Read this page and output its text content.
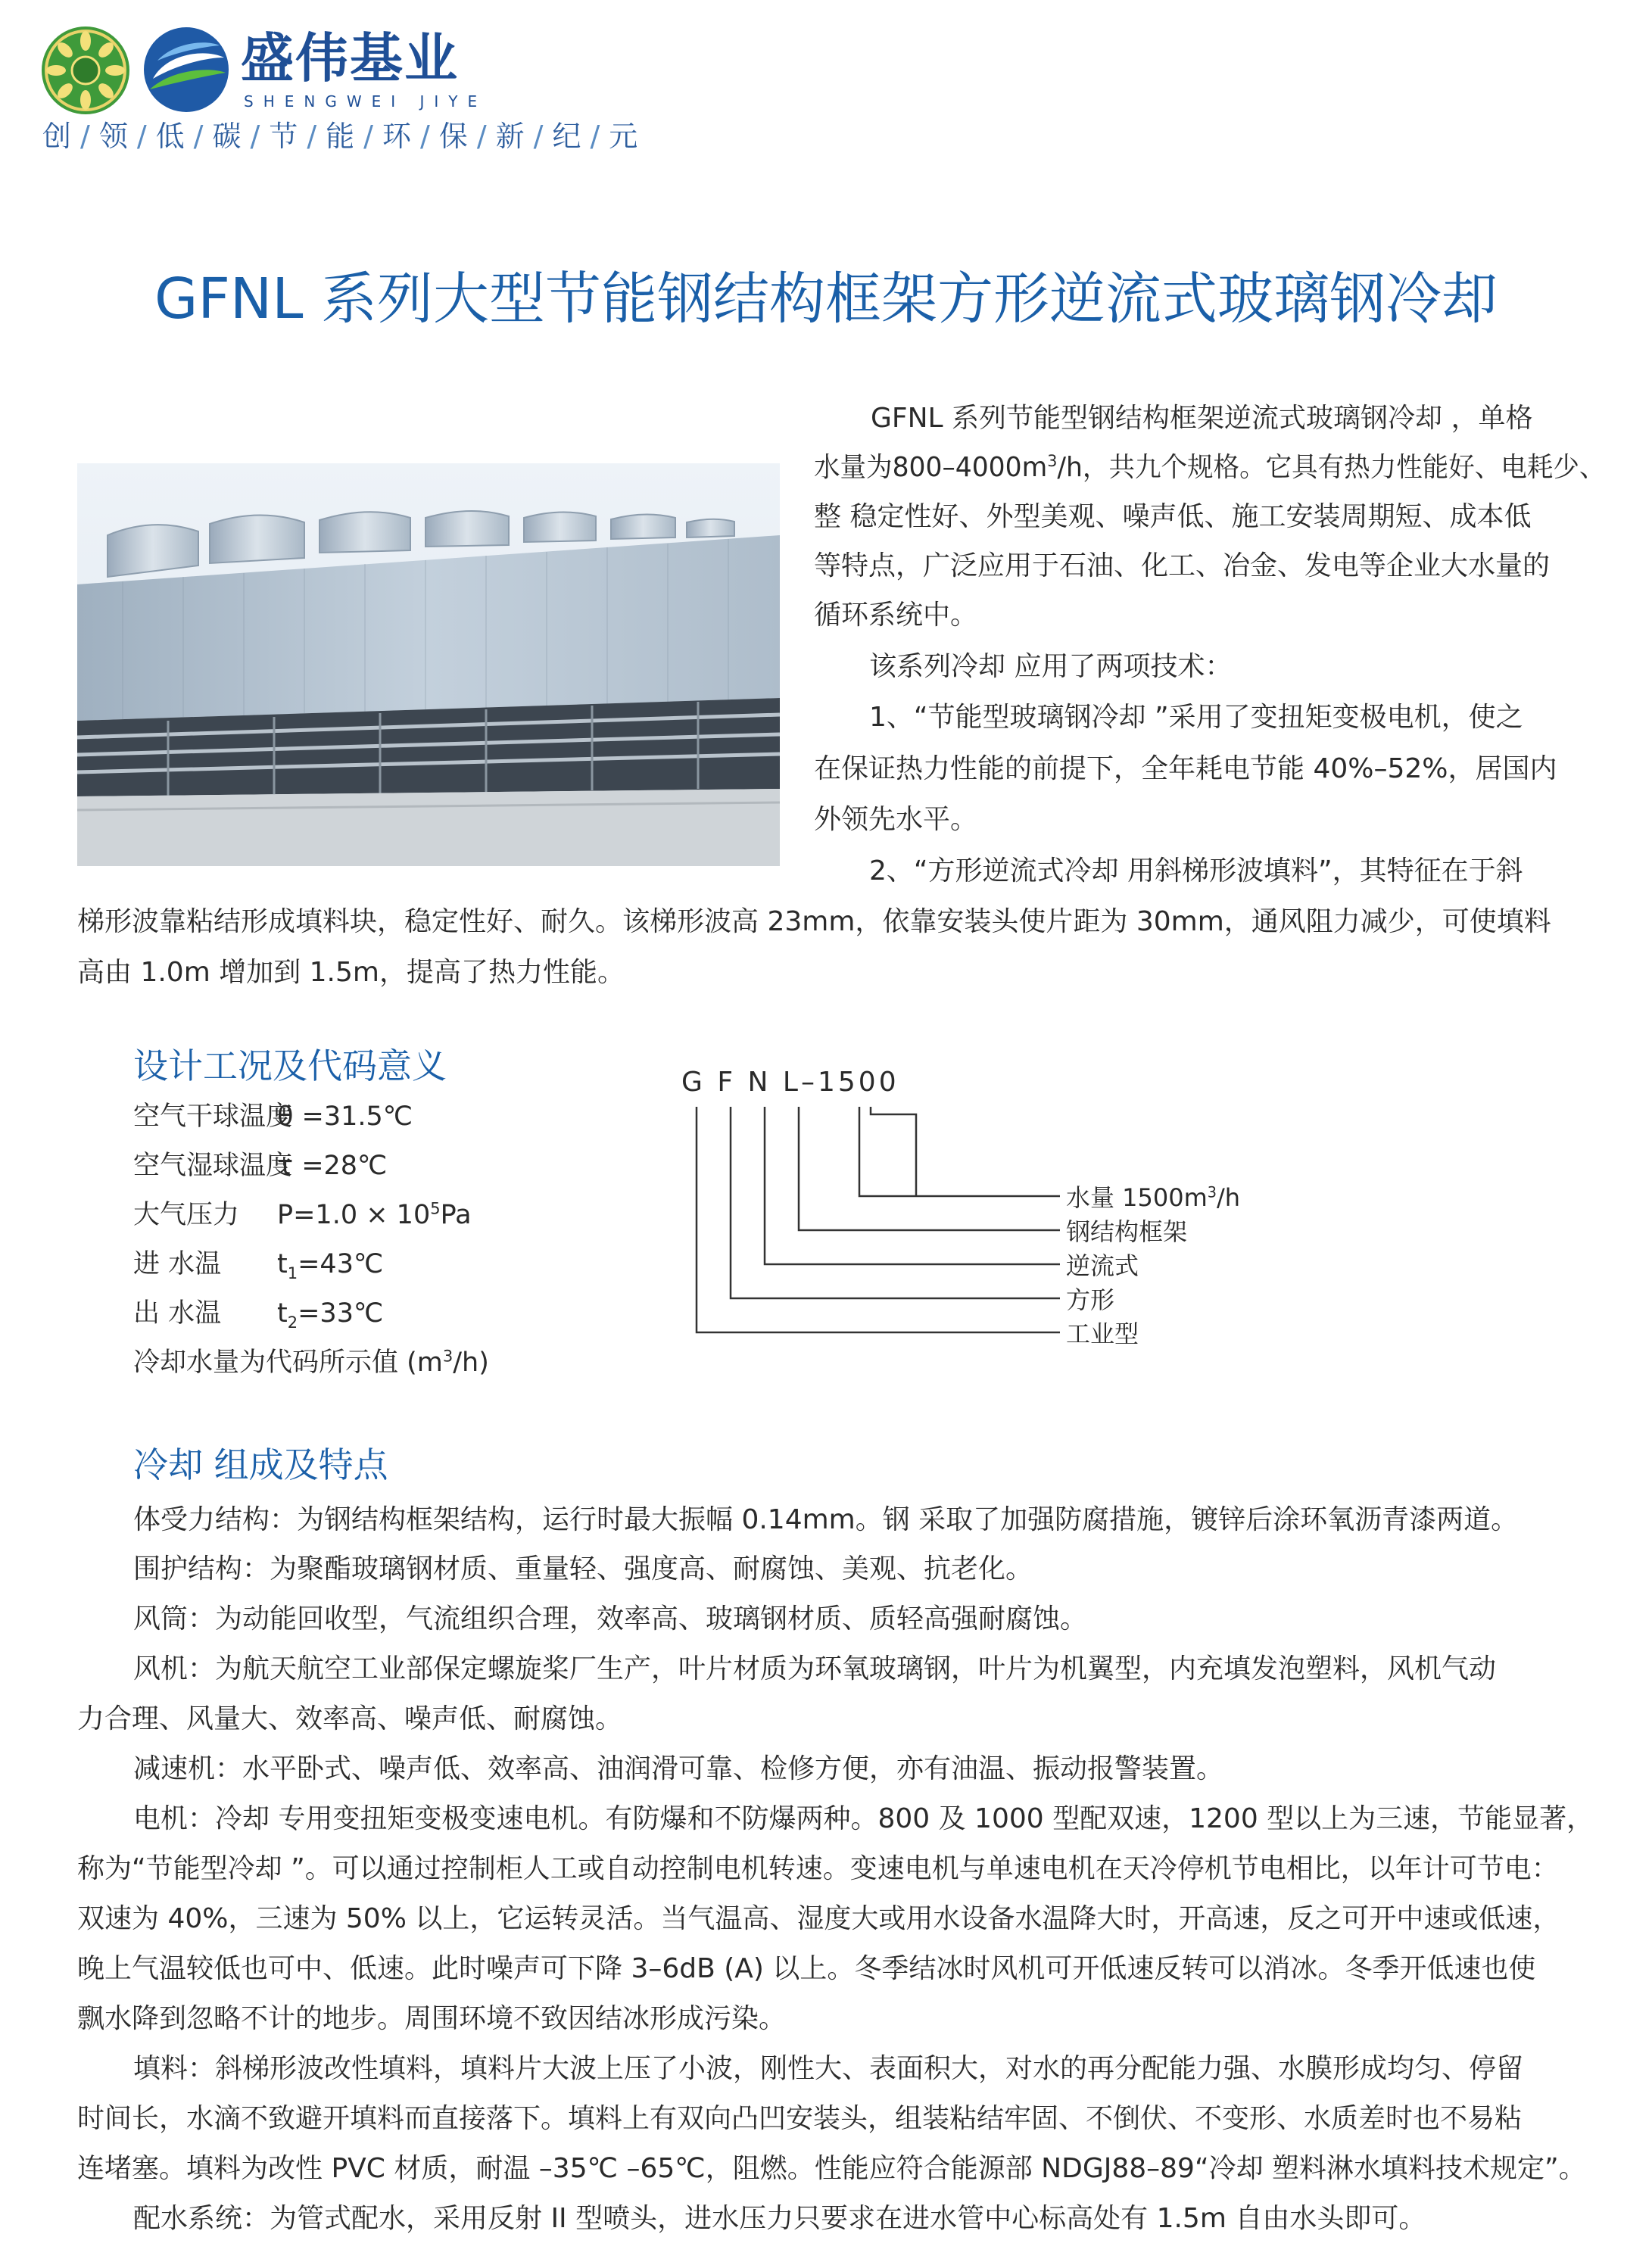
盛伟基业
SHENGWEI JIYE
创 / 领 / 低 / 碳 / 节 / 能 / 环 / 保 / 新 / 纪 / 元
GFNL 系列大型节能钢结构框架方形逆流式玻璃钢冷却
GFNL 系列节能型钢结构框架逆流式玻璃钢冷却 ，单格
水量为$800-4000m^3/h$，共九个规格。它具有热力性能好、电耗少、
整 稳定性好、外型美观、噪声低、施工安装周期短、成本低
等特点，广泛应用于石油、化工、冶金、发电等企业大水量的
循环系统中。
该系列冷却 应用了两项技术：
1、“节能型玻璃钢冷却 ”采用了变扭矩变极电机，使之
在保证热力性能的前提下，全年耗电节能 40%–52%，居国内
外领先水平。
2、“方形逆流式冷却 用斜梯形波填料”，其特征在于斜
梯形波靠粘结形成填料块，稳定性好、耐久。该梯形波高 23mm，依靠安装头使片距为 30mm，通风阻力减少，可使填料
高由 1.0m 增加到 1.5m，提高了热力性能。
设计工况及代码意义
空气干球温度
θ =31.5℃
空气湿球温度
τ =28℃
大气压力 $P=1.0 \times 10^5Pa$
进 水温 $t_1=43℃$
出 水温 $t_2=33℃$
冷却水量为代码所示值 $(m^3/h)$
G F N L–1500
水量 $1500m^3/h$
钢结构框架
逆流式
方形
工业型
冷却 组成及特点
体受力结构：为钢结构框架结构，运行时最大振幅 0.14mm。钢 采取了加强防腐措施，镀锌后涂环氧沥青漆两道。
围护结构：为聚酯玻璃钢材质、重量轻、强度高、耐腐蚀、美观、抗老化。
风筒：为动能回收型，气流组织合理，效率高、玻璃钢材质、质轻高强耐腐蚀。
风机：为航天航空工业部保定螺旋桨厂生产，叶片材质为环氧玻璃钢，叶片为机翼型，内充填发泡塑料，风机气动
力合理、风量大、效率高、噪声低、耐腐蚀。
减速机：水平卧式、噪声低、效率高、油润滑可靠、检修方便，亦有油温、振动报警装置。
电机：冷却 专用变扭矩变极变速电机。有防爆和不防爆两种。800 及 1000 型配双速，1200 型以上为三速，节能显著，
称为“节能型冷却 ”。可以通过控制柜人工或自动控制电机转速。变速电机与单速电机在天冷停机节电相比，以年计可节电：
双速为 40%，三速为 50% 以上，它运转灵活。当气温高、湿度大或用水设备水温降大时，开高速，反之可开中速或低速，
晚上气温较低也可中、低速。此时噪声可下降 3–6dB (A) 以上。冬季结冰时风机可开低速反转可以消冰。冬季开低速也使
飘水降到忽略不计的地步。周围环境不致因结冰形成污染。
填料：斜梯形波改性填料，填料片大波上压了小波，刚性大、表面积大，对水的再分配能力强、水膜形成均匀、停留
时间长，水滴不致避开填料而直接落下。填料上有双向凸凹安装头，组装粘结牢固、不倒伏、不变形、水质差时也不易粘
连堵塞。填料为改性 PVC 材质，耐温 –35℃ –65℃，阻燃。性能应符合能源部 NDGJ88–89“冷却 塑料淋水填料技术规定”。
配水系统：为管式配水，采用反射 II 型喷头，进水压力只要求在进水管中心标高处有 1.5m 自由水头即可。
